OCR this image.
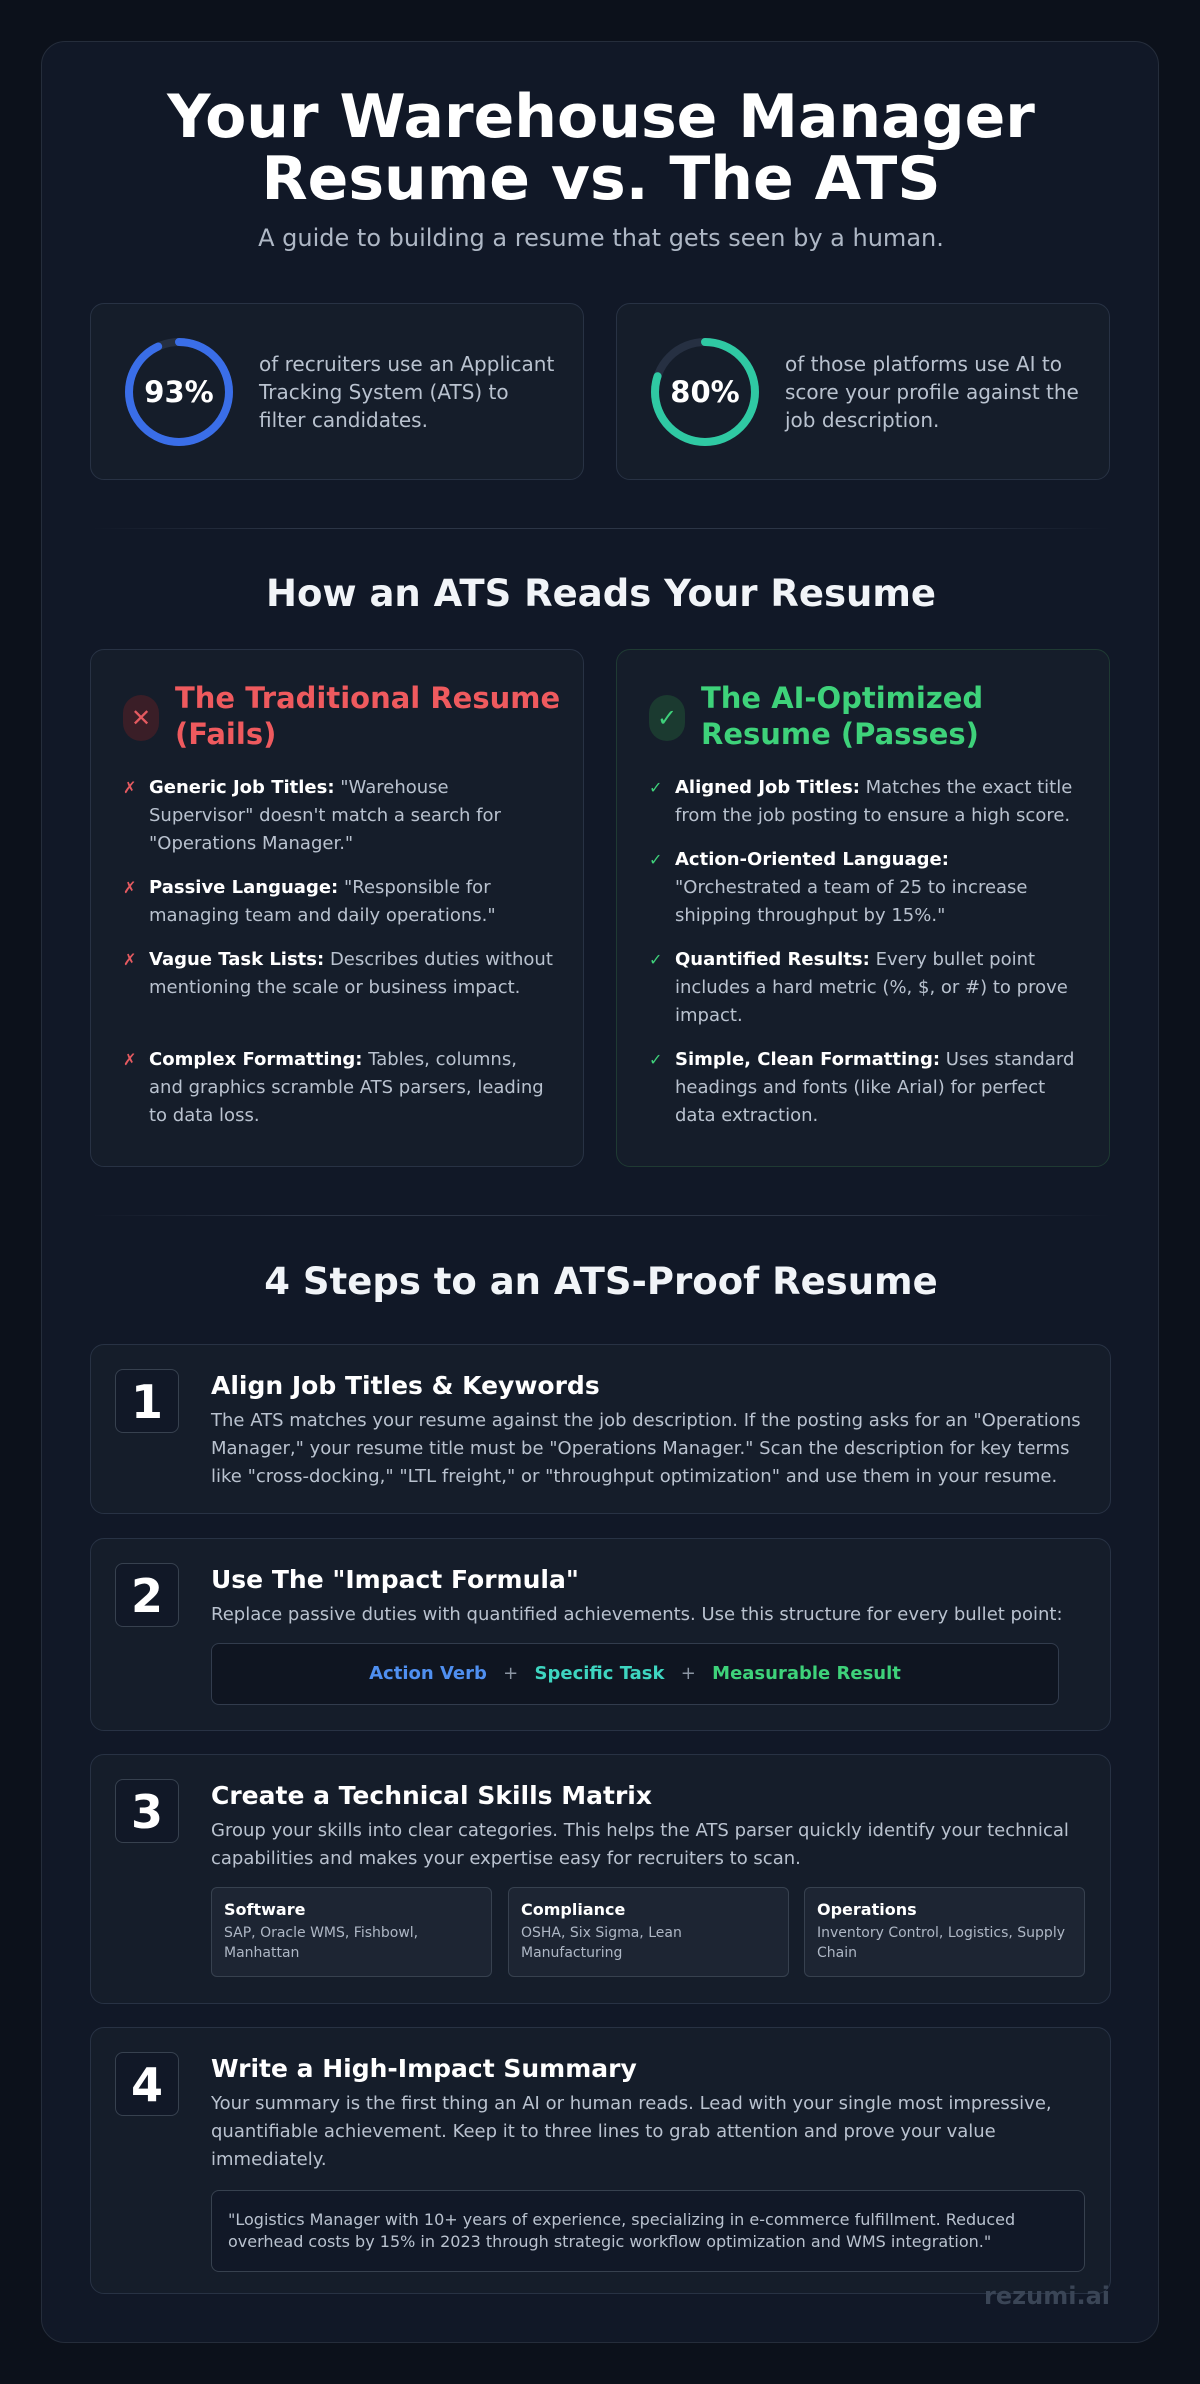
Your Warehouse Manager
Resume vs. The ATS
A guide to building a resume that gets seen by a human.
93%
of recruiters use an Applicant Tracking System (ATS) to filter candidates.
80%
of those platforms use AI to score your profile against the job description.
How an ATS Reads Your Resume
✕
The Traditional Resume (Fails)
✗ Generic Job Titles: "Warehouse Supervisor" doesn't match a search for "Operations Manager."
✗ Passive Language: "Responsible for managing team and daily operations."
✗ Vague Task Lists: Describes duties without mentioning the scale or business impact.
✗ Complex Formatting: Tables, columns, and graphics scramble ATS parsers, leading to data loss.
✓
The AI-Optimized Resume (Passes)
✓ Aligned Job Titles: Matches the exact title from the job posting to ensure a high score.
✓ Action-Oriented Language: "Orchestrated a team of 25 to increase shipping throughput by 15%."
✓ Quantified Results: Every bullet point includes a hard metric (%, $, or #) to prove impact.
✓ Simple, Clean Formatting: Uses standard headings and fonts (like Arial) for perfect data extraction.
4 Steps to an ATS-Proof Resume
1	Align Job Titles & Keywords
The ATS matches your resume against the job description. If the posting asks for an "Operations Manager," your resume title must be "Operations Manager." Scan the description for key terms like "cross-docking," "LTL freight," or "throughput optimization" and use them in your resume.
2	Use The "Impact Formula"
Replace passive duties with quantified achievements. Use this structure for every bullet point:
Action Verb + Specific Task + Measurable Result
3	Create a Technical Skills Matrix
Group your skills into clear categories. This helps the ATS parser quickly identify your technical capabilities and makes your expertise easy for recruiters to scan.
Software
SAP, Oracle WMS, Fishbowl, Manhattan
Compliance
OSHA, Six Sigma, Lean Manufacturing
Operations
Inventory Control, Logistics, Supply Chain
4	Write a High-Impact Summary
Your summary is the first thing an AI or human reads. Lead with your single most impressive, quantifiable achievement. Keep it to three lines to grab attention and prove your value immediately.
"Logistics Manager with 10+ years of experience, specializing in e-commerce fulfillment. Reduced overhead costs by 15% in 2023 through strategic workflow optimization and WMS integration."
rezumi.ai
